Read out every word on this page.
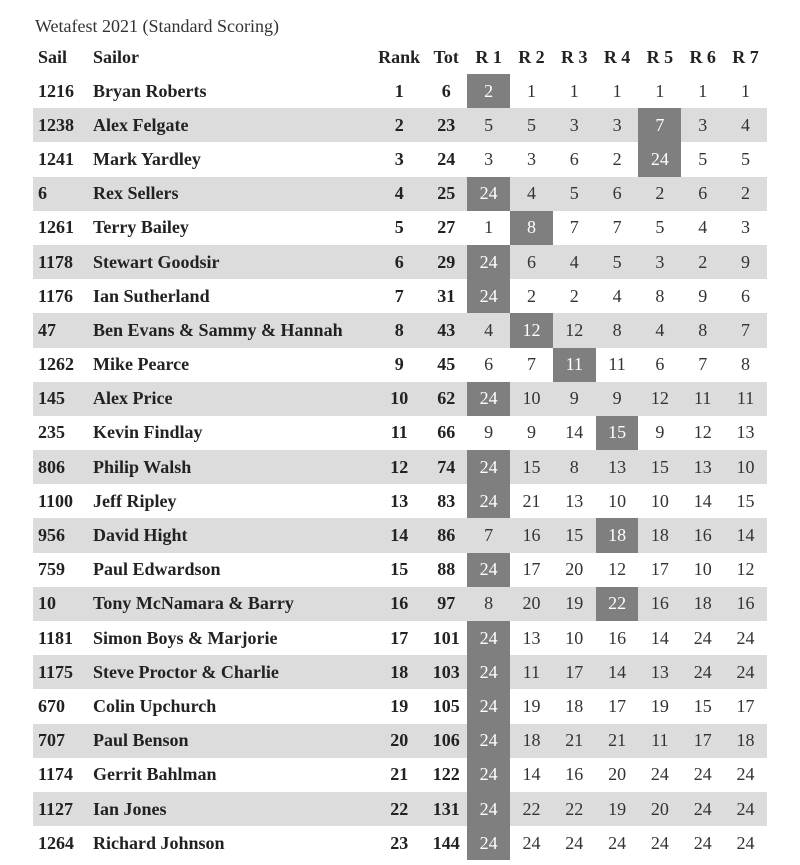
Wetafest 2021 (Standard Scoring)
Sail	Sailor	Rank	Tot	R 1	R 2	R 3	R 4	R 5	R 6	R 7
1216	Bryan Roberts	1	6	2	1	1	1	1	1	1
1238	Alex Felgate	2	23	5	5	3	3	7	3	4
1241	Mark Yardley	3	24	3	3	6	2	24	5	5
6	Rex Sellers	4	25	24	4	5	6	2	6	2
1261	Terry Bailey	5	27	1	8	7	7	5	4	3
1178	Stewart Goodsir	6	29	24	6	4	5	3	2	9
1176	Ian Sutherland	7	31	24	2	2	4	8	9	6
47	Ben Evans & Sammy & Hannah	8	43	4	12	12	8	4	8	7
1262	Mike Pearce	9	45	6	7	11	11	6	7	8
145	Alex Price	10	62	24	10	9	9	12	11	11
235	Kevin Findlay	11	66	9	9	14	15	9	12	13
806	Philip Walsh	12	74	24	15	8	13	15	13	10
1100	Jeff Ripley	13	83	24	21	13	10	10	14	15
956	David Hight	14	86	7	16	15	18	18	16	14
759	Paul Edwardson	15	88	24	17	20	12	17	10	12
10	Tony McNamara & Barry	16	97	8	20	19	22	16	18	16
1181	Simon Boys & Marjorie	17	101	24	13	10	16	14	24	24
1175	Steve Proctor & Charlie	18	103	24	11	17	14	13	24	24
670	Colin Upchurch	19	105	24	19	18	17	19	15	17
707	Paul Benson	20	106	24	18	21	21	11	17	18
1174	Gerrit Bahlman	21	122	24	14	16	20	24	24	24
1127	Ian Jones	22	131	24	22	22	19	20	24	24
1264	Richard Johnson	23	144	24	24	24	24	24	24	24
